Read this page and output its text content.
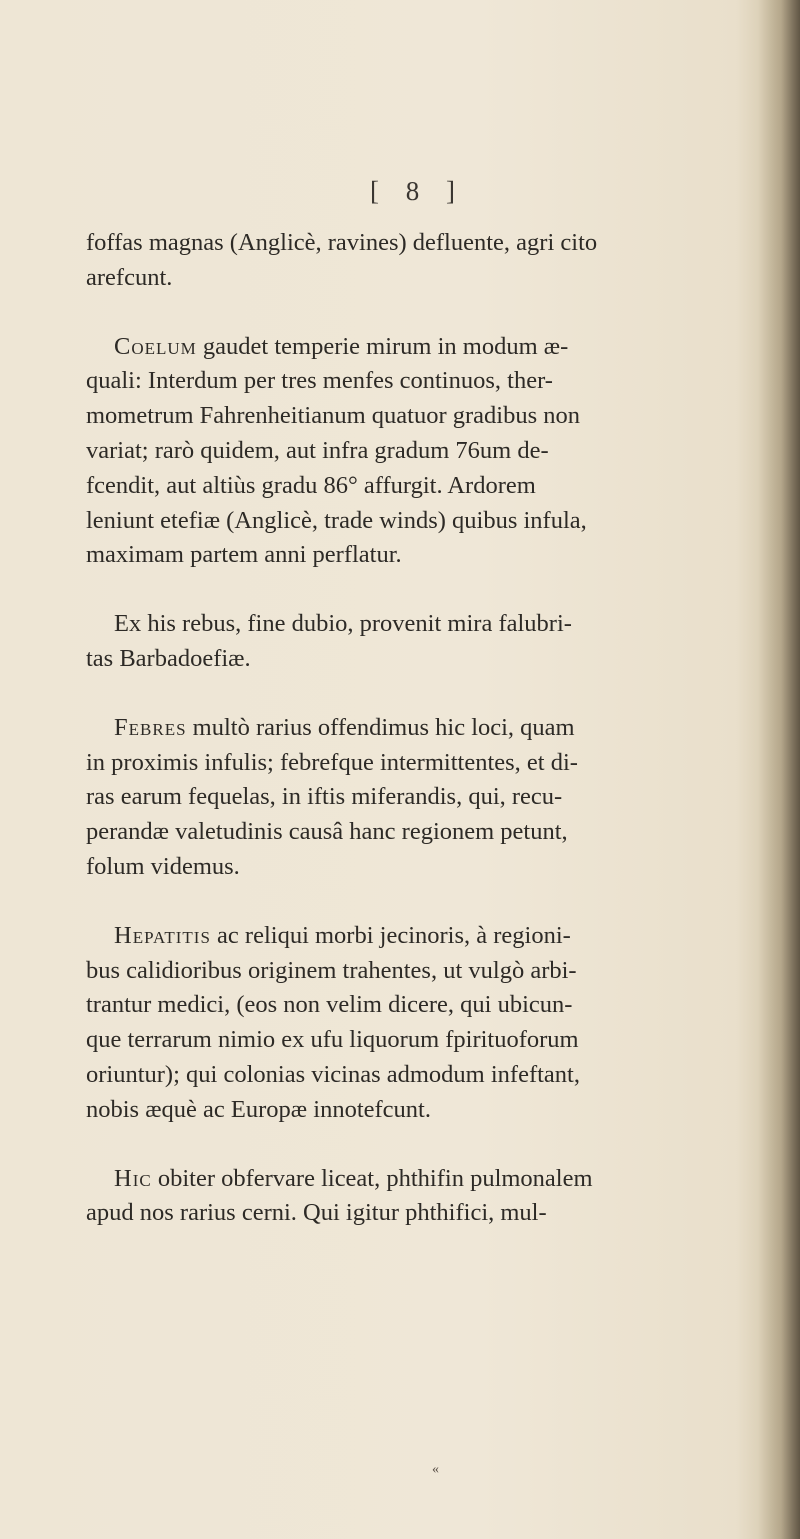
[ 8 ]

foffas magnas (Anglicè, ravines) defluente, agri cito
arefcunt.

Coelum gaudet temperie mirum in modum æ-
quali: Interdum per tres menfes continuos, ther-
mometrum Fahrenheitianum quatuor gradibus non
variat; rarò quidem, aut infra gradum 76um de-
fcendit, aut altiùs gradu 86° affurgit. Ardorem
leniunt etefiæ (Anglicè, trade winds) quibus infula,
maximam partem anni perflatur.

Ex his rebus, fine dubio, provenit mira falubri-
tas Barbadoefiæ.

Febres multò rarius offendimus hic loci, quam
in proximis infulis; febrefque intermittentes, et di-
ras earum fequelas, in iftis miferandis, qui, recu-
perandæ valetudinis causâ hanc regionem petunt,
folum videmus.

Hepatitis ac reliqui morbi jecinoris, à regioni-
bus calidioribus originem trahentes, ut vulgò arbi-
trantur medici, (eos non velim dicere, qui ubicun-
que terrarum nimio ex ufu liquorum fpirituoforum
oriuntur); qui colonias vicinas admodum infeftant,
nobis æquè ac Europæ innotefcunt.

Hic obiter obfervare liceat, phthifin pulmonalem
apud nos rarius cerni. Qui igitur phthifici, mul-

«
